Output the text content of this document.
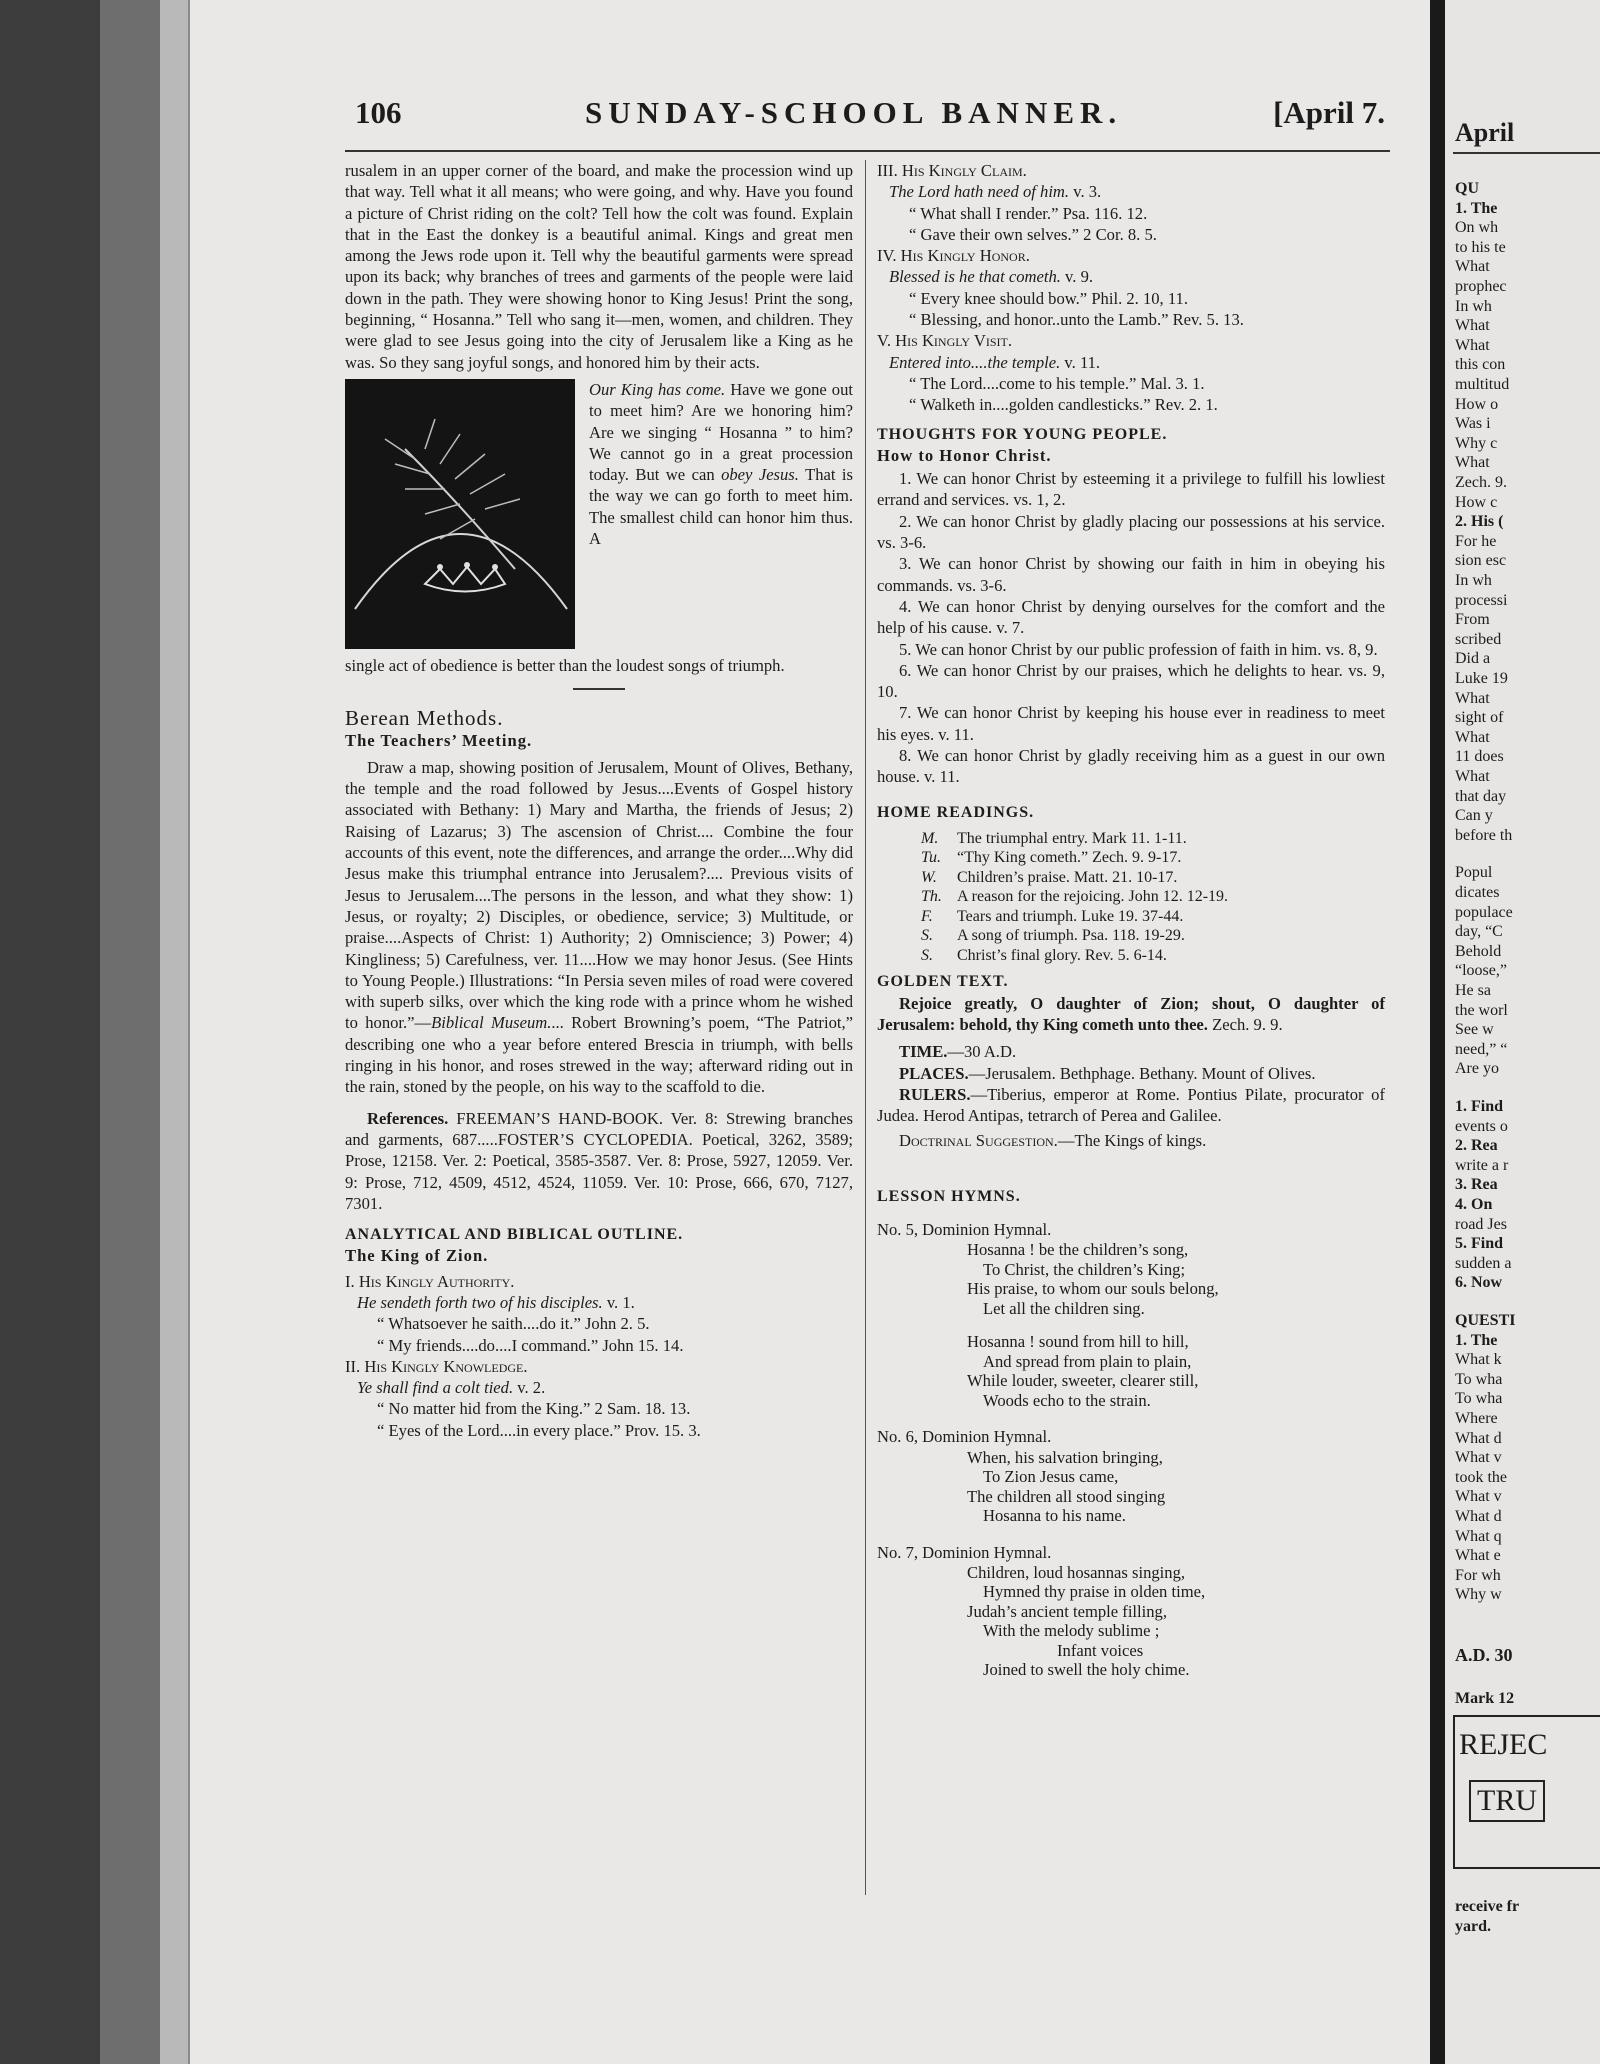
April
QU
1. The
On wh
to his te
What
prophec
In wh
What
What
this con
multitud
How o
Was i
Why c
What
Zech. 9.
How c
2. His (
For he
sion esc
In wh
processi
From
scribed
Did a
Luke 19
What
sight of
What
11 does
What
that day
Can y
before th
Popul
dicates
populace
day, “C
Behold
“loose,”
He sa
the worl
See w
need,” “
Are yo
1. Find
events o
2. Rea
write a r
3. Rea
4. On
road Jes
5. Find
sudden a
6. Now
QUESTI
1. The
What k
To wha
To wha
Where
What d
What v
took the
What v
What d
What q
What e
For wh
Why w
A.D. 30
Mark 12
REJEC
TRU
receive fr
yard.
106	SUNDAY-SCHOOL BANNER.	[April 7.

rusalem in an upper corner of the board, and make the procession wind up that way. Tell what it all means; who were going, and why. Have you found a picture of Christ riding on the colt? Tell how the colt was found. Explain that in the East the donkey is a beautiful animal. Kings and great men among the Jews rode upon it. Tell why the beautiful garments were spread upon its back; why branches of trees and garments of the people were laid down in the path. They were showing honor to King Jesus! Print the song, beginning, “ Hosanna.” Tell who sang it—men, women, and children. They were glad to see Jesus going into the city of Jerusalem like a King as he was. So they sang joyful songs, and honored him by their acts.

Our King has come. Have we gone out to meet him? Are we honoring him? Are we singing “ Hosanna ” to him? We cannot go in a great procession today. But we can obey Jesus. That is the way we can go forth to meet him. The smallest child can honor him thus. A

single act of obedience is better than the loudest songs of triumph.

Berean Methods.

The Teachers’ Meeting.

Draw a map, showing position of Jerusalem, Mount of Olives, Bethany, the temple and the road followed by Jesus....Events of Gospel history associated with Bethany: 1) Mary and Martha, the friends of Jesus; 2) Raising of Lazarus; 3) The ascension of Christ.... Combine the four accounts of this event, note the differences, and arrange the order....Why did Jesus make this triumphal entrance into Jerusalem?.... Previous visits of Jesus to Jerusalem....The persons in the lesson, and what they show: 1) Jesus, or royalty; 2) Disciples, or obedience, service; 3) Multitude, or praise....Aspects of Christ: 1) Authority; 2) Omniscience; 3) Power; 4) Kingliness; 5) Carefulness, ver. 11....How we may honor Jesus. (See Hints to Young People.) Illustrations: “In Persia seven miles of road were covered with superb silks, over which the king rode with a prince whom he wished to honor.”—Biblical Museum.... Robert Browning’s poem, “The Patriot,” describing one who a year before entered Brescia in triumph, with bells ringing in his honor, and roses strewed in the way; afterward riding out in the rain, stoned by the people, on his way to the scaffold to die.

References. FREEMAN’S HAND-BOOK. Ver. 8: Strewing branches and garments, 687.....FOSTER’S CYCLOPEDIA. Poetical, 3262, 3589; Prose, 12158. Ver. 2: Poetical, 3585-3587. Ver. 8: Prose, 5927, 12059. Ver. 9: Prose, 712, 4509, 4512, 4524, 11059. Ver. 10: Prose, 666, 670, 7127, 7301.

ANALYTICAL AND BIBLICAL OUTLINE.

The King of Zion.

I. His Kingly Authority.

He sendeth forth two of his disciples. v. 1.

“ Whatsoever he saith....do it.” John 2. 5.

“ My friends....do....I command.” John 15. 14.

II. His Kingly Knowledge.

Ye shall find a colt tied. v. 2.

“ No matter hid from the King.” 2 Sam. 18. 13.

“ Eyes of the Lord....in every place.” Prov. 15. 3.

III. His Kingly Claim.

The Lord hath need of him. v. 3.

“ What shall I render.” Psa. 116. 12.

“ Gave their own selves.” 2 Cor. 8. 5.

IV. His Kingly Honor.

Blessed is he that cometh. v. 9.

“ Every knee should bow.” Phil. 2. 10, 11.

“ Blessing, and honor..unto the Lamb.” Rev. 5. 13.

V. His Kingly Visit.

Entered into....the temple. v. 11.

“ The Lord....come to his temple.” Mal. 3. 1.

“ Walketh in....golden candlesticks.” Rev. 2. 1.

THOUGHTS FOR YOUNG PEOPLE.

How to Honor Christ.

1. We can honor Christ by esteeming it a privilege to fulfill his lowliest errand and services. vs. 1, 2.

2. We can honor Christ by gladly placing our possessions at his service. vs. 3-6.

3. We can honor Christ by showing our faith in him in obeying his commands. vs. 3-6.

4. We can honor Christ by denying ourselves for the comfort and the help of his cause. v. 7.

5. We can honor Christ by our public profession of faith in him. vs. 8, 9.

6. We can honor Christ by our praises, which he delights to hear. vs. 9, 10.

7. We can honor Christ by keeping his house ever in readiness to meet his eyes. v. 11.

8. We can honor Christ by gladly receiving him as a guest in our own house. v. 11.

HOME READINGS.

M. The triumphal entry. Mark 11. 1-11.

Tu. “Thy King cometh.” Zech. 9. 9-17.

W. Children’s praise. Matt. 21. 10-17.

Th. A reason for the rejoicing. John 12. 12-19.

F. Tears and triumph. Luke 19. 37-44.

S. A song of triumph. Psa. 118. 19-29.

S. Christ’s final glory. Rev. 5. 6-14.

GOLDEN TEXT.

Rejoice greatly, O daughter of Zion; shout, O daughter of Jerusalem: behold, thy King cometh unto thee. Zech. 9. 9.

TIME.—30 A.D.

PLACES.—Jerusalem. Bethphage. Bethany. Mount of Olives.

RULERS.—Tiberius, emperor at Rome. Pontius Pilate, procurator of Judea. Herod Antipas, tetrarch of Perea and Galilee.

Doctrinal Suggestion.—The Kings of kings.

LESSON HYMNS.

No. 5, Dominion Hymnal.

Hosanna ! be the children’s song,

To Christ, the children’s King;

His praise, to whom our souls belong,

Let all the children sing.

Hosanna ! sound from hill to hill,

And spread from plain to plain,

While louder, sweeter, clearer still,

Woods echo to the strain.

No. 6, Dominion Hymnal.

When, his salvation bringing,

To Zion Jesus came,

The children all stood singing

Hosanna to his name.

No. 7, Dominion Hymnal.

Children, loud hosannas singing,

Hymned thy praise in olden time,

Judah’s ancient temple filling,

With the melody sublime ;

Infant voices

Joined to swell the holy chime.
